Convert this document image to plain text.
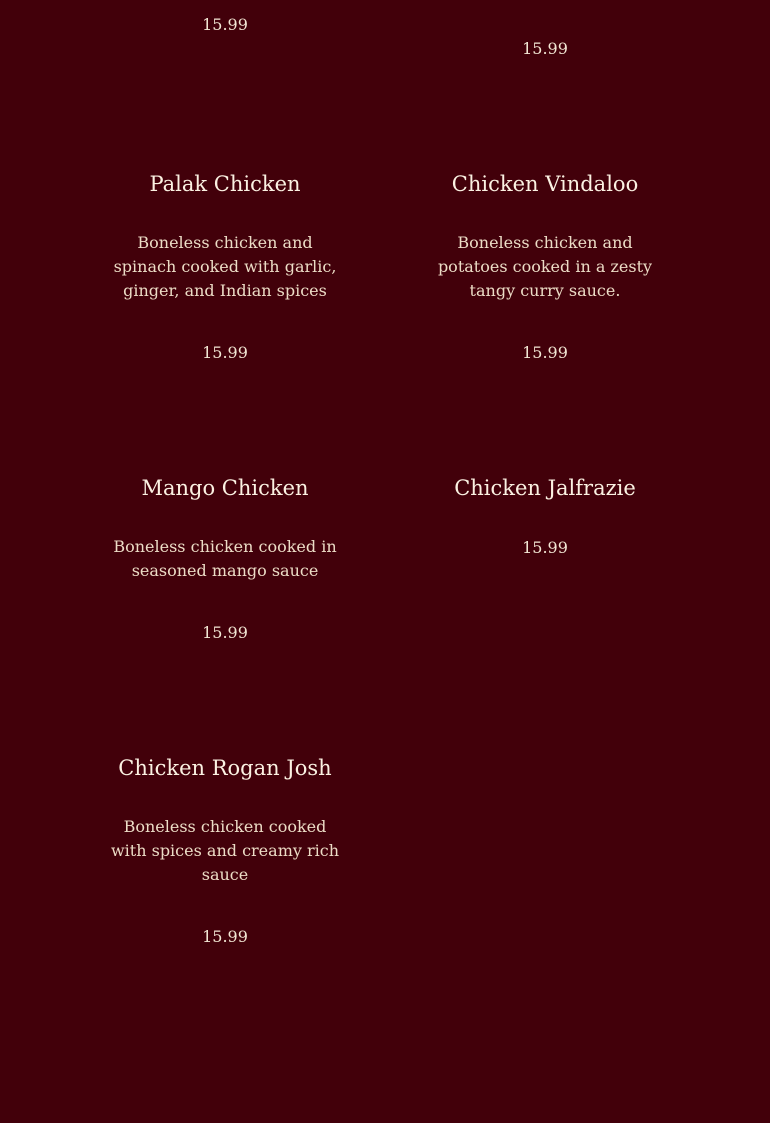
15.99
Palak Chicken

Boneless chicken and spinach cooked with garlic, ginger, and Indian spices

15.99
Mango Chicken

Boneless chicken cooked in seasoned mango sauce

15.99
Chicken Rogan Josh

Boneless chicken cooked with spices and creamy rich sauce

15.99
15.99
Chicken Vindaloo

Boneless chicken and potatoes cooked in a zesty tangy curry sauce.

15.99
Chicken Jalfrazie
15.99
